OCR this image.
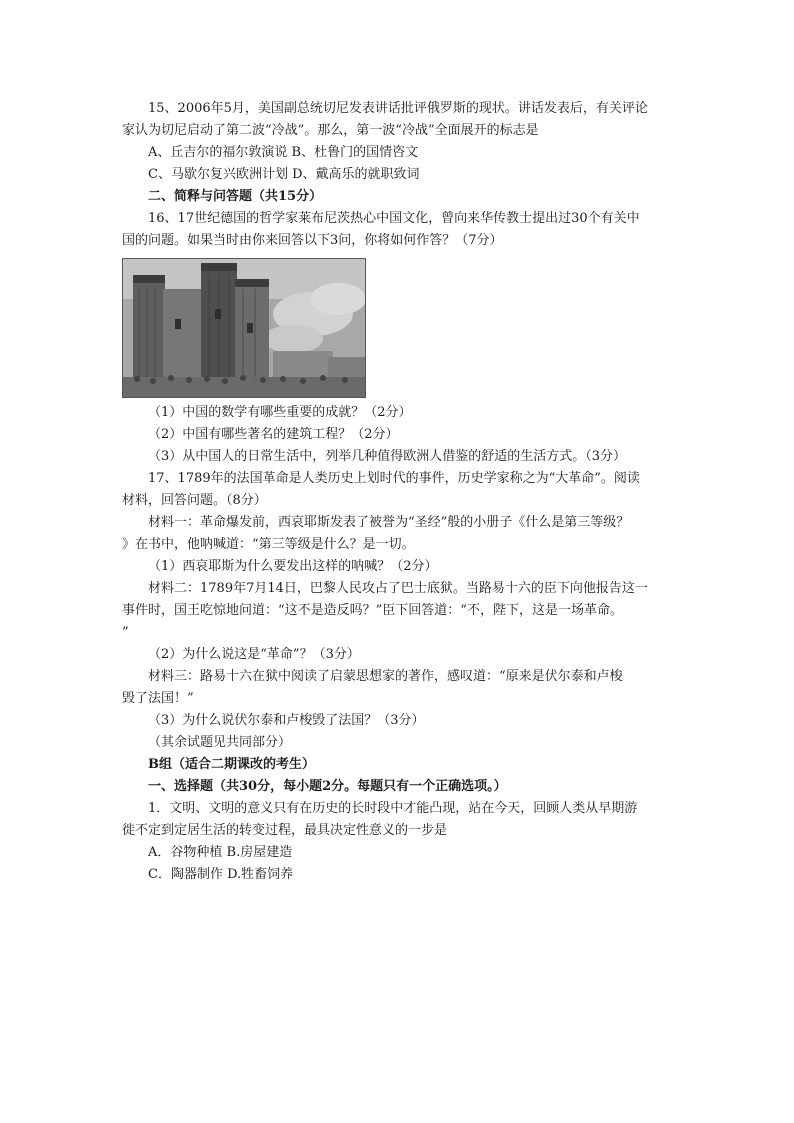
15、2006年5月，美国副总统切尼发表讲话批评俄罗斯的现状。讲话发表后，有关评论
家认为切尼启动了第二波“冷战”。那么，第一波“冷战”全面展开的标志是
A、丘吉尔的福尔敦演说 B、杜鲁门的国情咨文
C、马歇尔复兴欧洲计划 D、戴高乐的就职致词
二、简释与问答题（共15分）
16、17世纪德国的哲学家莱布尼茨热心中国文化，曾向来华传教士提出过30个有关中
国的问题。如果当时由你来回答以下3问，你将如何作答？（7分）
（1）中国的数学有哪些重要的成就？（2分）
（2）中国有哪些著名的建筑工程？（2分）
（3）从中国人的日常生活中，列举几种值得欧洲人借鉴的舒适的生活方式。（3分）
17、1789年的法国革命是人类历史上划时代的事件，历史学家称之为“大革命”。阅读
材料，回答问题。（8分）
材料一：革命爆发前，西哀耶斯发表了被誉为“圣经”般的小册子《什么是第三等级？
》在书中，他呐喊道：“第三等级是什么？是一切。
（1）西哀耶斯为什么要发出这样的呐喊？（2分）
材料二：1789年7月14日，巴黎人民攻占了巴士底狱。当路易十六的臣下向他报告这一
事件时，国王吃惊地问道：“这不是造反吗？”臣下回答道：“不，陛下，这是一场革命。
”
（2）为什么说这是“革命”？（3分）
材料三：路易十六在狱中阅读了启蒙思想家的著作，感叹道：“原来是伏尔泰和卢梭
毁了法国！”
（3）为什么说伏尔泰和卢梭毁了法国？（3分）
（其余试题见共同部分）
B组（适合二期课改的考生）
一、选择题（共30分，每小题2分。每题只有一个正确选项。）
1．文明、文明的意义只有在历史的长时段中才能凸现，站在今天，回顾人类从早期游
徙不定到定居生活的转变过程，最具决定性意义的一步是
A．谷物种植 B.房屋建造
C．陶器制作 D.牲畜饲养
